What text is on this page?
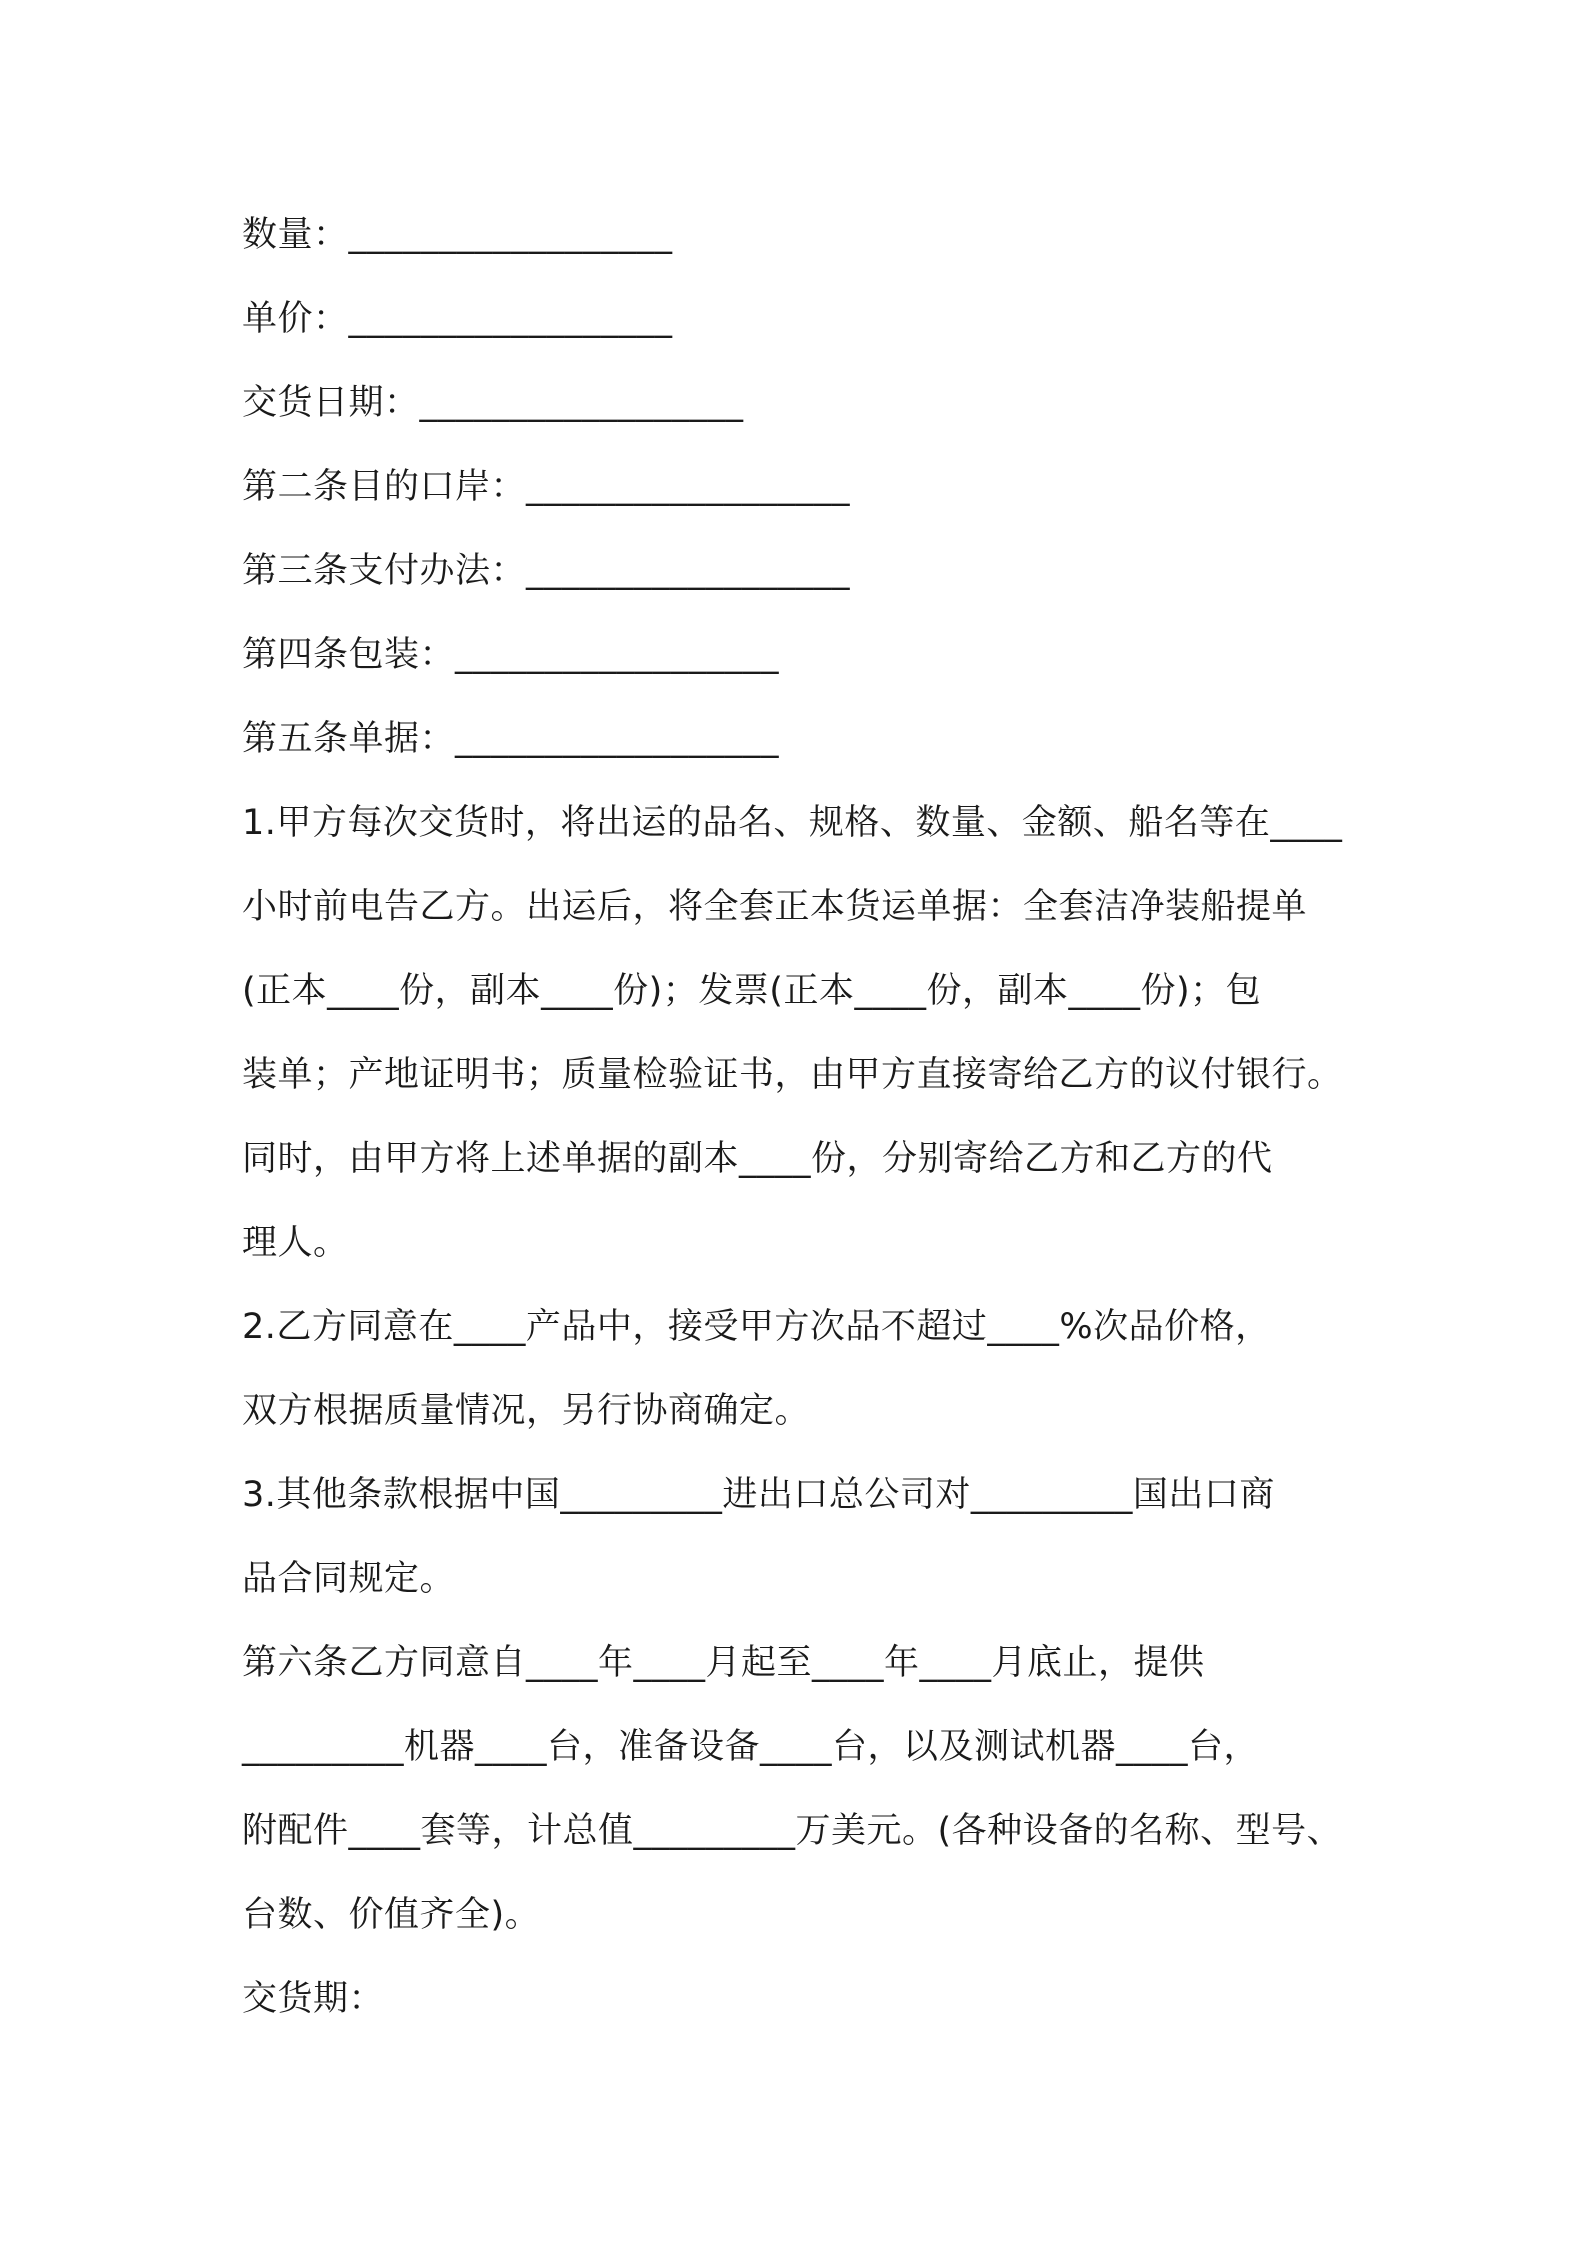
数量：__________________
单价：__________________
交货日期：__________________
第二条目的口岸：__________________
第三条支付办法：__________________
第四条包装：__________________
第五条单据：__________________
1.甲方每次交货时，将出运的品名、规格、数量、金额、船名等在____
小时前电告乙方。出运后，将全套正本货运单据：全套洁净装船提单
(正本____份，副本____份)；发票(正本____份，副本____份)；包
装单；产地证明书；质量检验证书，由甲方直接寄给乙方的议付银行。
同时，由甲方将上述单据的副本____份，分别寄给乙方和乙方的代
理人。
2.乙方同意在____产品中，接受甲方次品不超过____%次品价格，
双方根据质量情况，另行协商确定。
3.其他条款根据中国_________进出口总公司对_________国出口商
品合同规定。
第六条乙方同意自____年____月起至____年____月底止，提供
_________机器____台，准备设备____台，以及测试机器____台，
附配件____套等，计总值_________万美元。(各种设备的名称、型号、
台数、价值齐全)。
交货期：
